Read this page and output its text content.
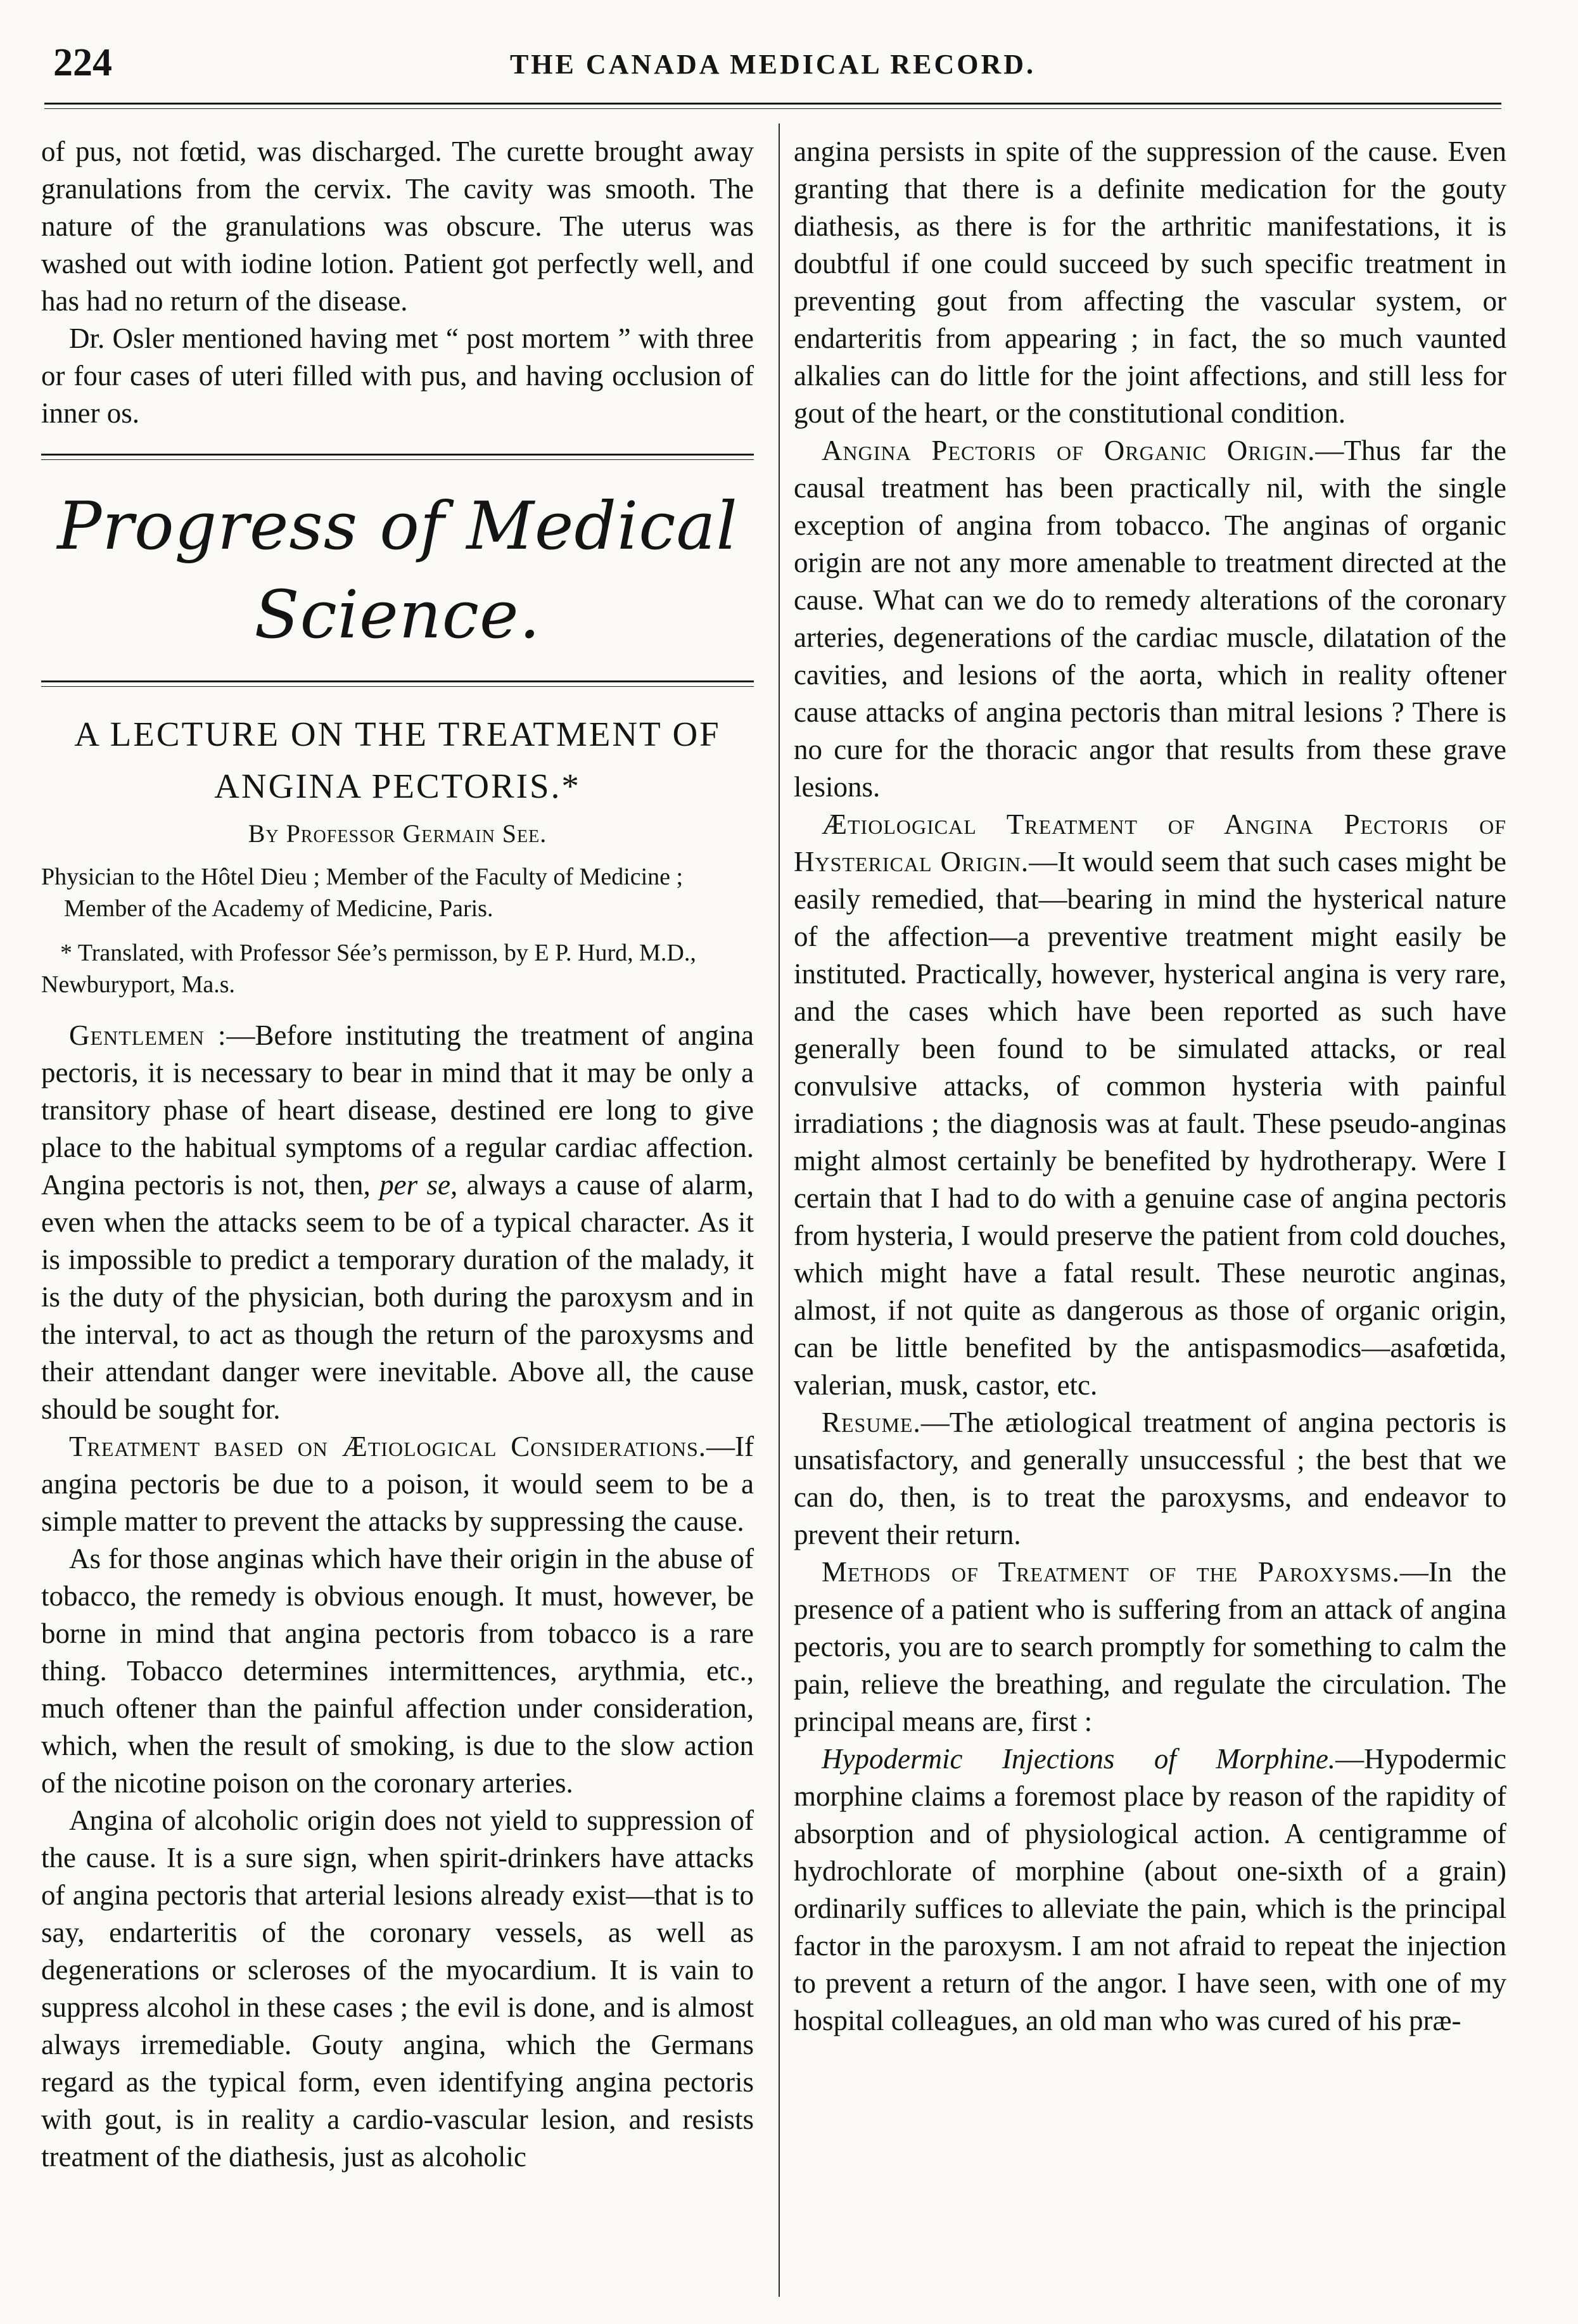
224	THE CANADA MEDICAL RECORD.

of pus, not fœtid, was discharged. The curette brought away granulations from the cervix. The cavity was smooth. The nature of the granulations was obscure. The uterus was washed out with iodine lotion. Patient got perfectly well, and has had no return of the disease.

Dr. Osler mentioned having met “ post mortem ” with three or four cases of uteri filled with pus, and having occlusion of inner os.

Progress of Medical Science.
A LECTURE ON THE TREATMENT OF ANGINA PECTORIS.*
By Professor Germain See.
Physician to the Hôtel Dieu ; Member of the Faculty of Medicine ; Member of the Academy of Medicine, Paris.
* Translated, with Professor Sée’s permisson, by E P. Hurd, M.D., Newburyport, Ma.s.

Gentlemen :—Before instituting the treatment of angina pectoris, it is necessary to bear in mind that it may be only a transitory phase of heart disease, destined ere long to give place to the habitual symptoms of a regular cardiac affection. Angina pectoris is not, then, per se, always a cause of alarm, even when the attacks seem to be of a typical character. As it is impossible to predict a temporary duration of the malady, it is the duty of the physician, both during the paroxysm and in the interval, to act as though the return of the paroxysms and their attendant danger were inevitable. Above all, the cause should be sought for.

Treatment based on Ætiological Considerations.—If angina pectoris be due to a poison, it would seem to be a simple matter to prevent the attacks by suppressing the cause.

As for those anginas which have their origin in the abuse of tobacco, the remedy is obvious enough. It must, however, be borne in mind that angina pectoris from tobacco is a rare thing. Tobacco determines intermittences, arythmia, etc., much oftener than the painful affection under consideration, which, when the result of smoking, is due to the slow action of the nicotine poison on the coronary arteries.

Angina of alcoholic origin does not yield to suppression of the cause. It is a sure sign, when spirit-drinkers have attacks of angina pectoris that arterial lesions already exist—that is to say, endarteritis of the coronary vessels, as well as degenerations or scleroses of the myocardium. It is vain to suppress alcohol in these cases ; the evil is done, and is almost always irremediable. Gouty angina, which the Germans regard as the typical form, even identifying angina pectoris with gout, is in reality a cardio-vascular lesion, and resists treatment of the diathesis, just as alcoholic

angina persists in spite of the suppression of the cause. Even granting that there is a definite medication for the gouty diathesis, as there is for the arthritic manifestations, it is doubtful if one could succeed by such specific treatment in preventing gout from affecting the vascular system, or endarteritis from appearing ; in fact, the so much vaunted alkalies can do little for the joint affections, and still less for gout of the heart, or the constitutional condition.

Angina Pectoris of Organic Origin.—Thus far the causal treatment has been practically nil, with the single exception of angina from tobacco. The anginas of organic origin are not any more amenable to treatment directed at the cause. What can we do to remedy alterations of the coronary arteries, degenerations of the cardiac muscle, dilatation of the cavities, and lesions of the aorta, which in reality oftener cause attacks of angina pectoris than mitral lesions ? There is no cure for the thoracic angor that results from these grave lesions.

Ætiological Treatment of Angina Pectoris of Hysterical Origin.—It would seem that such cases might be easily remedied, that—bearing in mind the hysterical nature of the affection—a preventive treatment might easily be instituted. Practically, however, hysterical angina is very rare, and the cases which have been reported as such have generally been found to be simulated attacks, or real convulsive attacks, of common hysteria with painful irradiations ; the diagnosis was at fault. These pseudo-anginas might almost certainly be benefited by hydrotherapy. Were I certain that I had to do with a genuine case of angina pectoris from hysteria, I would preserve the patient from cold douches, which might have a fatal result. These neurotic anginas, almost, if not quite as dangerous as those of organic origin, can be little benefited by the antispasmodics—asafœtida, valerian, musk, castor, etc.

Resume.—The ætiological treatment of angina pectoris is unsatisfactory, and generally unsuccessful ; the best that we can do, then, is to treat the paroxysms, and endeavor to prevent their return.

Methods of Treatment of the Paroxysms.—In the presence of a patient who is suffering from an attack of angina pectoris, you are to search promptly for something to calm the pain, relieve the breathing, and regulate the circulation. The principal means are, first :

Hypodermic Injections of Morphine.—Hypodermic morphine claims a foremost place by reason of the rapidity of absorption and of physiological action. A centigramme of hydrochlorate of morphine (about one-sixth of a grain) ordinarily suffices to alleviate the pain, which is the principal factor in the paroxysm. I am not afraid to repeat the injection to prevent a return of the angor. I have seen, with one of my hospital colleagues, an old man who was cured of his præ-
